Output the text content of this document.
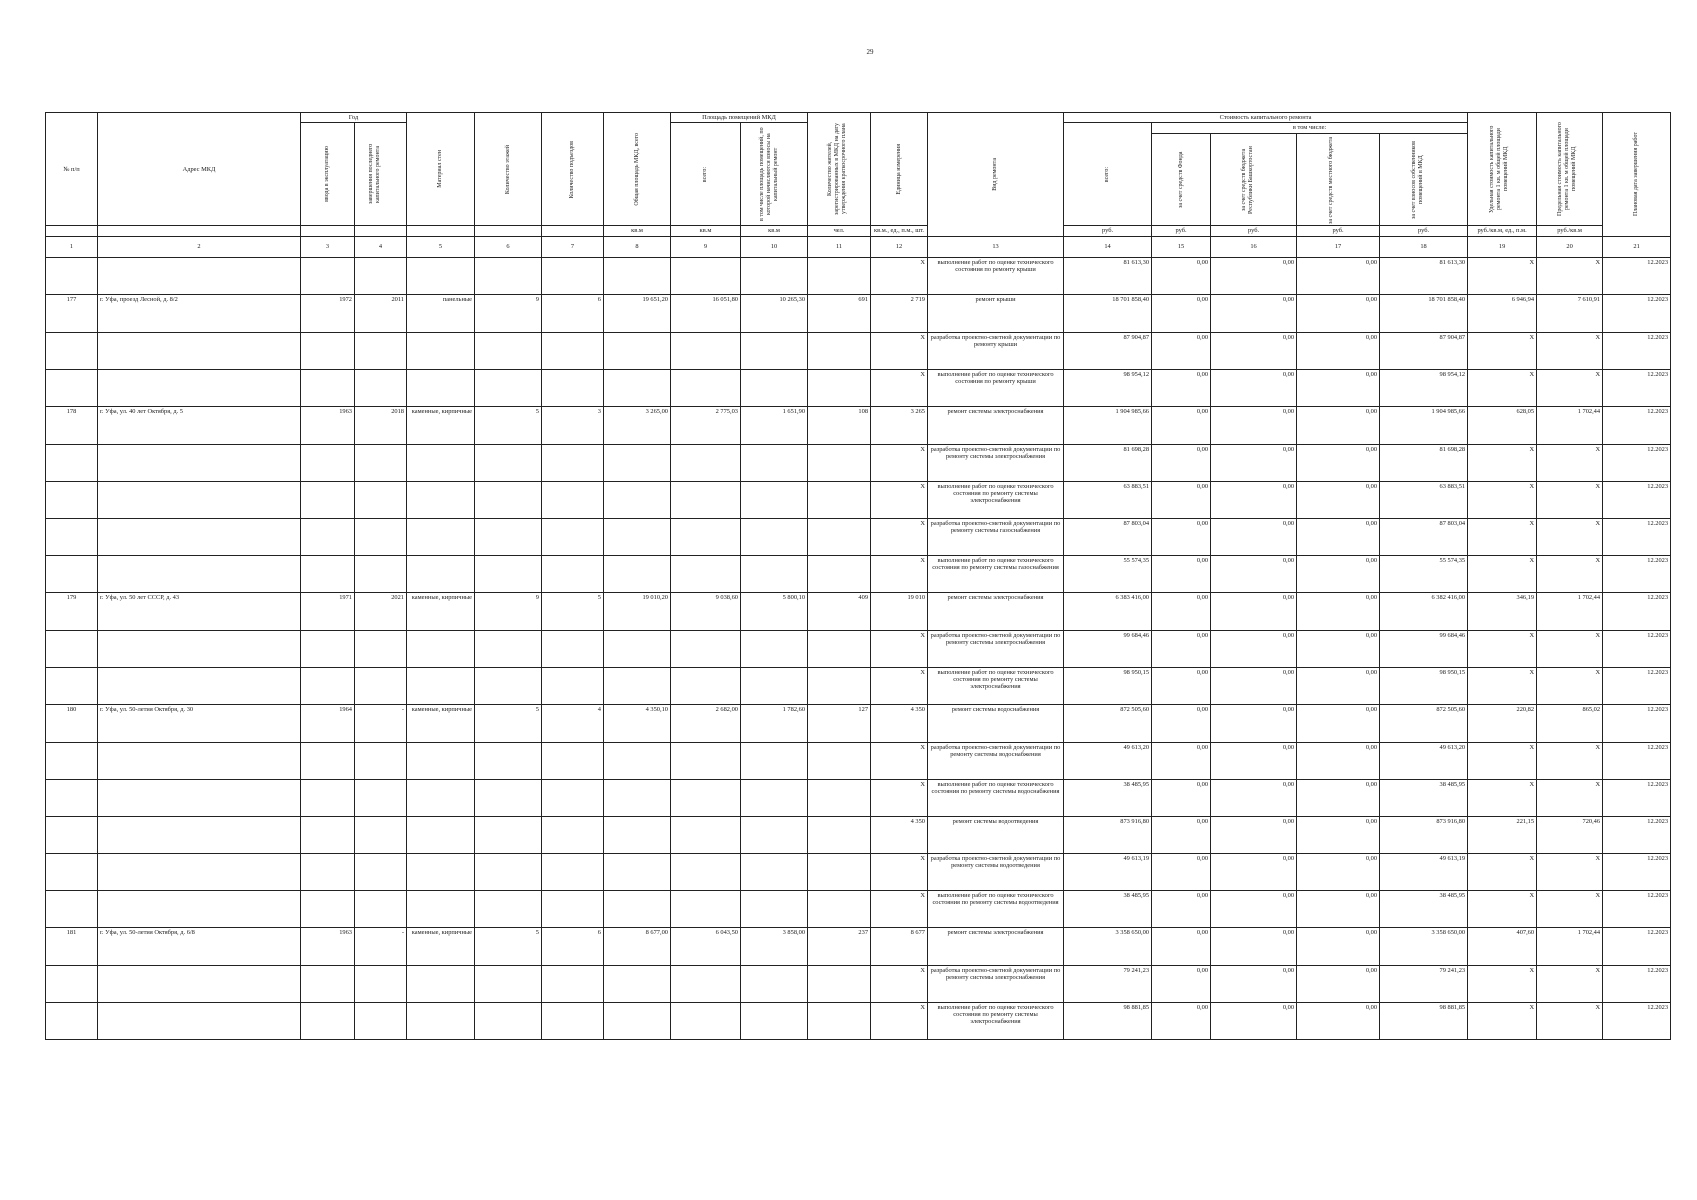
29
№ п/п	Адрес МКД	Год		Материал стен	Количество этажей	Количество подъездов	Общая площадь МКД, всего	Площадь помещений МКД		Количество жителей, зарегистрированных в МКД на дату утверждения краткосрочного плана	Единица измерения	Вид ремонта	Стоимость капитального ремонта					Удельная стоимость капитального ремонта 1 кв. м общей площади помещений МКД	Предельная стоимость капитального ремонта 1 кв. м общей площади помещений МКД	Плановая дата завершения работ

		ввода в эксплуатацию	завершения последнего капитального ремонта					всего:	в том числе площадь помещений, по которой начисляются взносы на капитальный ремонт				всего:	в том числе:						

														за счет средств Фонда	за счет средств бюджета Республики Башкортостан	за счет средств местного бюджета	за счет взносов собственников помещений в МКД			

							кв.м	кв.м	кв.м	чел.	кв.м., ед., п.м., шт.		руб.	руб.	руб.	руб.	руб.	руб./кв.м, ед., п.м.	руб./кв.м	
1	2	3	4	5	6	7	8	9	10	11	12	13	14	15	16	17	18	19	20	21
											X	выполнение работ по оценке технического состояния по ремонту крыши	81 613,30	0,00	0,00	0,00	81 613,30	X	X	12.2023
177	г. Уфа, проезд Лесной, д. 8/2	1972	2011	панельные	9	6	19 651,20	16 051,80	10 265,30	691	2 719	ремонт крыши	18 701 858,40	0,00	0,00	0,00	18 701 858,40	6 946,94	7 610,91	12.2023
											X	разработка проектно-сметной документации по ремонту крыши	87 904,87	0,00	0,00	0,00	87 904,87	X	X	12.2023
											X	выполнение работ по оценке технического состояния по ремонту крыши	98 954,12	0,00	0,00	0,00	98 954,12	X	X	12.2023
178	г. Уфа, ул. 40 лет Октября, д. 5	1963	2018	каменные, кирпичные	5	3	3 265,00	2 775,03	1 651,90	108	3 265	ремонт системы электроснабжения	1 904 985,66	0,00	0,00	0,00	1 904 985,66	628,05	1 702,44	12.2023
											X	разработка проектно-сметной документации по ремонту системы электроснабжения	81 698,28	0,00	0,00	0,00	81 698,28	X	X	12.2023
											X	выполнение работ по оценке технического состояния по ремонту системы электроснабжения	63 883,51	0,00	0,00	0,00	63 883,51	X	X	12.2023
											X	разработка проектно-сметной документации по ремонту системы газоснабжения	87 803,04	0,00	0,00	0,00	87 803,04	X	X	12.2023
											X	выполнение работ по оценке технического состояния по ремонту системы газоснабжения	55 574,35	0,00	0,00	0,00	55 574,35	X	X	12.2023
179	г. Уфа, ул. 50 лет СССР, д. 43	1971	2021	каменные, кирпичные	9	5	19 010,20	9 038,60	5 800,10	409	19 010	ремонт системы электроснабжения	6 383 416,00	0,00	0,00	0,00	6 382 416,00	346,19	1 702,44	12.2023
											X	разработка проектно-сметной документации по ремонту системы электроснабжения	99 684,46	0,00	0,00	0,00	99 684,46	X	X	12.2023
											X	выполнение работ по оценке технического состояния по ремонту системы электроснабжения	98 950,15	0,00	0,00	0,00	98 950,15	X	X	12.2023
180	г. Уфа, ул. 50-летия Октября, д. 30	1964	-	каменные, кирпичные	5	4	4 350,10	2 682,00	1 782,60	127	4 350	ремонт системы водоснабжения	872 505,60	0,00	0,00	0,00	872 505,60	220,82	865,02	12.2023
											X	разработка проектно-сметной документации по ремонту системы водоснабжения	49 613,20	0,00	0,00	0,00	49 613,20	X	X	12.2023
											X	выполнение работ по оценке технического состояния по ремонту системы водоснабжения	38 485,95	0,00	0,00	0,00	38 485,95	X	X	12.2023
											4 350	ремонт системы водоотведения	873 916,80	0,00	0,00	0,00	873 916,80	221,15	720,46	12.2023
											X	разработка проектно-сметной документации по ремонту системы водоотведения	49 613,19	0,00	0,00	0,00	49 613,19	X	X	12.2023
											X	выполнение работ по оценке технического состояния по ремонту системы водоотведения	38 485,95	0,00	0,00	0,00	38 485,95	X	X	12.2023
181	г. Уфа, ул. 50-летия Октября, д. 6/8	1963	-	каменные, кирпичные	5	6	8 677,00	6 043,50	3 858,00	237	8 677	ремонт системы электроснабжения	3 358 650,00	0,00	0,00	0,00	3 358 650,00	407,60	1 702,44	12.2023
											X	разработка проектно-сметной документации по ремонту системы электроснабжения	79 241,23	0,00	0,00	0,00	79 241,23	X	X	12.2023
											X	выполнение работ по оценке технического состояния по ремонту системы электроснабжения	98 881,85	0,00	0,00	0,00	98 881,85	X	X	12.2023
